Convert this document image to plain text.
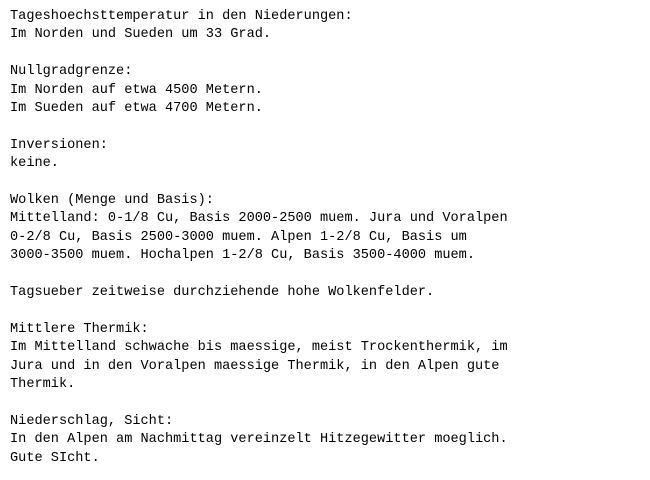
Tageshoechsttemperatur in den Niederungen:
Im Norden und Sueden um 33 Grad.
Nullgradgrenze:
Im Norden auf etwa 4500 Metern.
Im Sueden auf etwa 4700 Metern.
Inversionen:
keine.
Wolken (Menge und Basis):
Mittelland: 0-1/8 Cu, Basis 2000-2500 muem. Jura und Voralpen
0-2/8 Cu, Basis 2500-3000 muem. Alpen 1-2/8 Cu, Basis um
3000-3500 muem. Hochalpen 1-2/8 Cu, Basis 3500-4000 muem.
Tagsueber zeitweise durchziehende hohe Wolkenfelder.
Mittlere Thermik:
Im Mittelland schwache bis maessige, meist Trockenthermik, im
Jura und in den Voralpen maessige Thermik, in den Alpen gute
Thermik.
Niederschlag, Sicht:
In den Alpen am Nachmittag vereinzelt Hitzegewitter moeglich.
Gute SIcht.
